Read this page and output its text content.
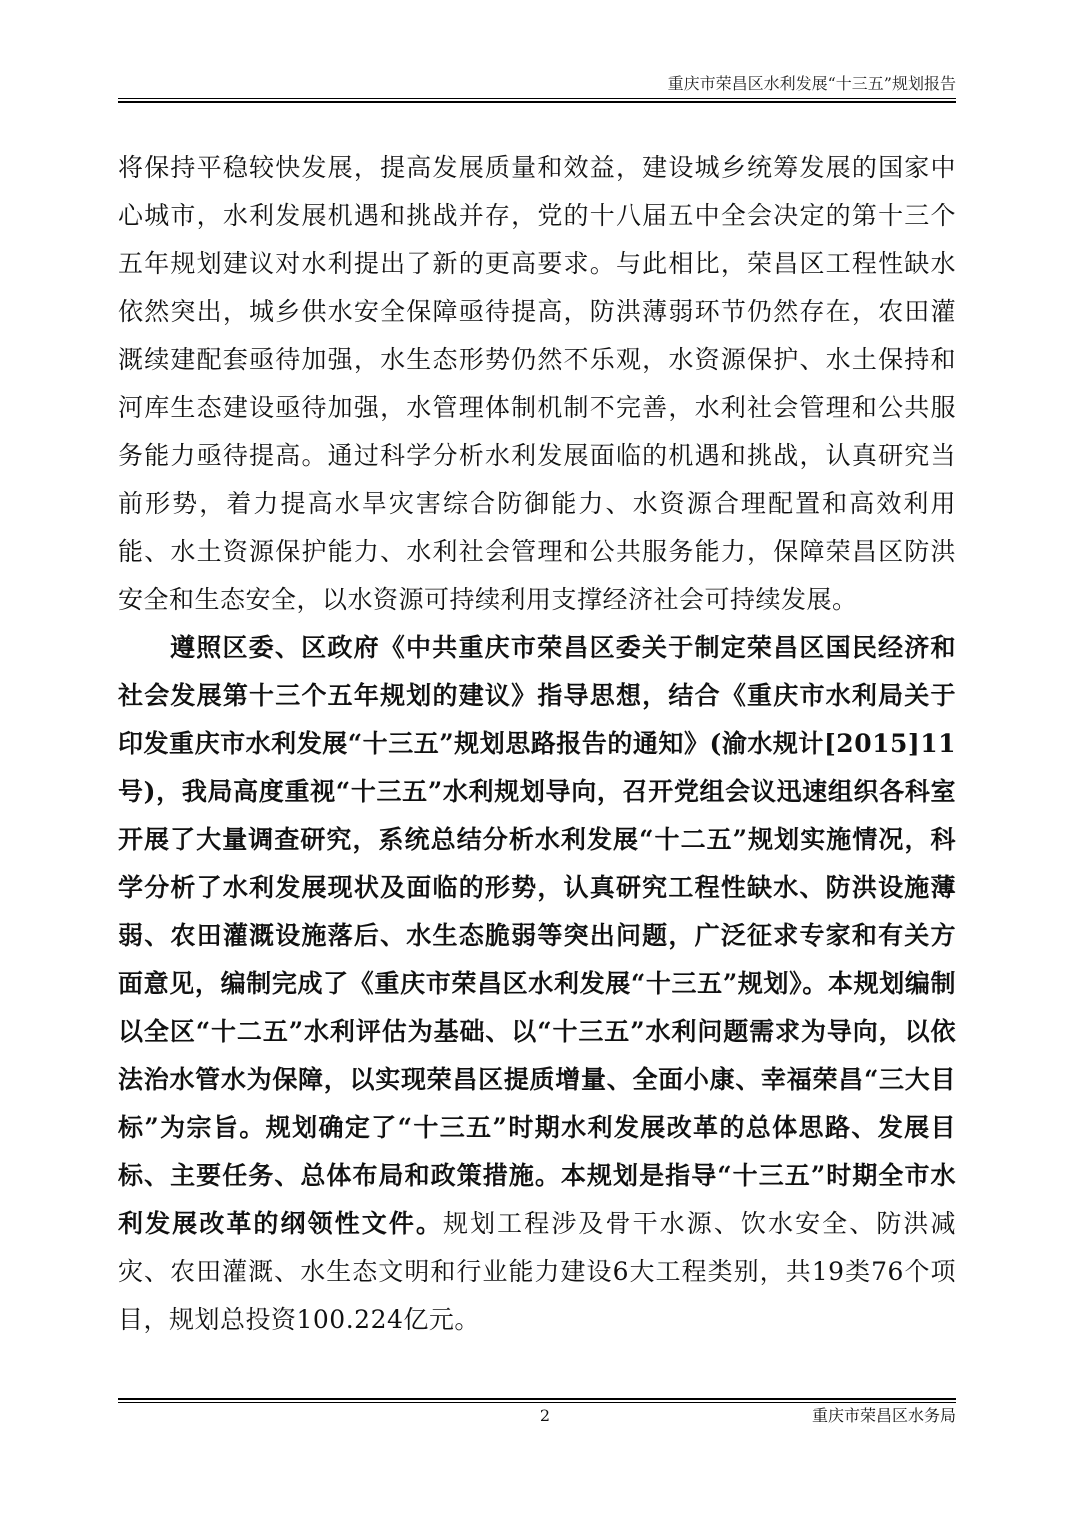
重庆市荣昌区水利发展“十三五”规划报告

将保持平稳较快发展，提高发展质量和效益，建设城乡统筹发展的国家中心城市，水利发展机遇和挑战并存，党的十八届五中全会决定的第十三个五年规划建议对水利提出了新的更高要求。与此相比，荣昌区工程性缺水依然突出，城乡供水安全保障亟待提高，防洪薄弱环节仍然存在，农田灌溉续建配套亟待加强，水生态形势仍然不乐观，水资源保护、水土保持和河库生态建设亟待加强，水管理体制机制不完善，水利社会管理和公共服务能力亟待提高。通过科学分析水利发展面临的机遇和挑战，认真研究当前形势，着力提高水旱灾害综合防御能力、水资源合理配置和高效利用能、水土资源保护能力、水利社会管理和公共服务能力，保障荣昌区防洪安全和生态安全，以水资源可持续利用支撑经济社会可持续发展。

遵照区委、区政府《中共重庆市荣昌区委关于制定荣昌区国民经济和社会发展第十三个五年规划的建议》指导思想，结合《重庆市水利局关于印发重庆市水利发展“十三五”规划思路报告的通知》(渝水规计[2015]11号)，我局高度重视“十三五”水利规划导向，召开党组会议迅速组织各科室开展了大量调查研究，系统总结分析水利发展“十二五”规划实施情况，科学分析了水利发展现状及面临的形势，认真研究工程性缺水、防洪设施薄弱、农田灌溉设施落后、水生态脆弱等突出问题，广泛征求专家和有关方面意见，编制完成了《重庆市荣昌区水利发展“十三五”规划》。本规划编制以全区“十二五”水利评估为基础、以“十三五”水利问题需求为导向，以依法治水管水为保障，以实现荣昌区提质增量、全面小康、幸福荣昌“三大目标”为宗旨。规划确定了“十三五”时期水利发展改革的总体思路、发展目标、主要任务、总体布局和政策措施。本规划是指导“十三五”时期全市水利发展改革的纲领性文件。规划工程涉及骨干水源、饮水安全、防洪减灾、农田灌溉、水生态文明和行业能力建设6大工程类别，共19类76个项目，规划总投资100.224亿元。

2	重庆市荣昌区水务局
